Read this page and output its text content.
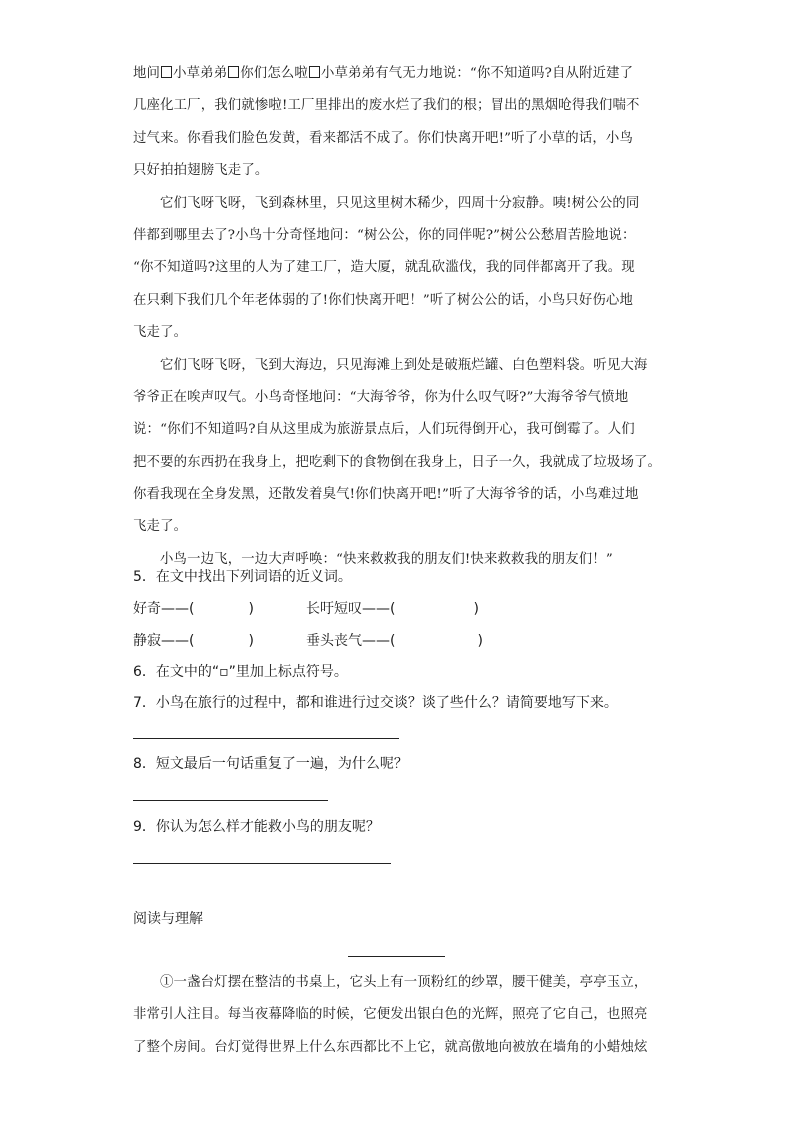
地问 小草弟弟 你们怎么啦 小草弟弟有气无力地说：“你不知道吗?自从附近建了
几座化工厂，我们就惨啦!工厂里排出的废水烂了我们的根；冒出的黑烟呛得我们喘不
过气来。你看我们脸色发黄，看来都活不成了。你们快离开吧!”听了小草的话，小鸟
只好拍拍翅膀飞走了。
它们飞呀飞呀，飞到森林里，只见这里树木稀少，四周十分寂静。咦!树公公的同
伴都到哪里去了?小鸟十分奇怪地问：“树公公，你的同伴呢?”树公公愁眉苦脸地说：
“你不知道吗?这里的人为了建工厂，造大厦，就乱砍滥伐，我的同伴都离开了我。现
在只剩下我们几个年老体弱的了!你们快离开吧！”听了树公公的话，小鸟只好伤心地
飞走了。
它们飞呀飞呀，飞到大海边，只见海滩上到处是破瓶烂罐、白色塑料袋。听见大海
爷爷正在唉声叹气。小鸟奇怪地问：“大海爷爷，你为什么叹气呀?”大海爷爷气愤地
说：“你们不知道吗?自从这里成为旅游景点后，人们玩得倒开心，我可倒霉了。人们
把不要的东西扔在我身上，把吃剩下的食物倒在我身上，日子一久，我就成了垃圾场了。
你看我现在全身发黑，还散发着臭气!你们快离开吧!”听了大海爷爷的话，小鸟难过地
飞走了。
小鸟一边飞，一边大声呼唤：“快来救救我的朋友们!快来救救我的朋友们！”
5．在文中找出下列词语的近义词。
好奇——(	)	长吁短叹——(	)
静寂——(	)	垂头丧气——(	)
6．在文中的“▫”里加上标点符号。
7．小鸟在旅行的过程中，都和谁进行过交谈？谈了些什么？请简要地写下来。
8．短文最后一句话重复了一遍，为什么呢？
9．你认为怎么样才能救小鸟的朋友呢？
阅读与理解
①一盏台灯摆在整洁的书桌上，它头上有一顶粉红的纱罩，腰干健美，亭亭玉立，
非常引人注目。每当夜幕降临的时候，它便发出银白色的光辉，照亮了它自己，也照亮
了整个房间。台灯觉得世界上什么东西都比不上它，就高傲地向被放在墙角的小蜡烛炫
